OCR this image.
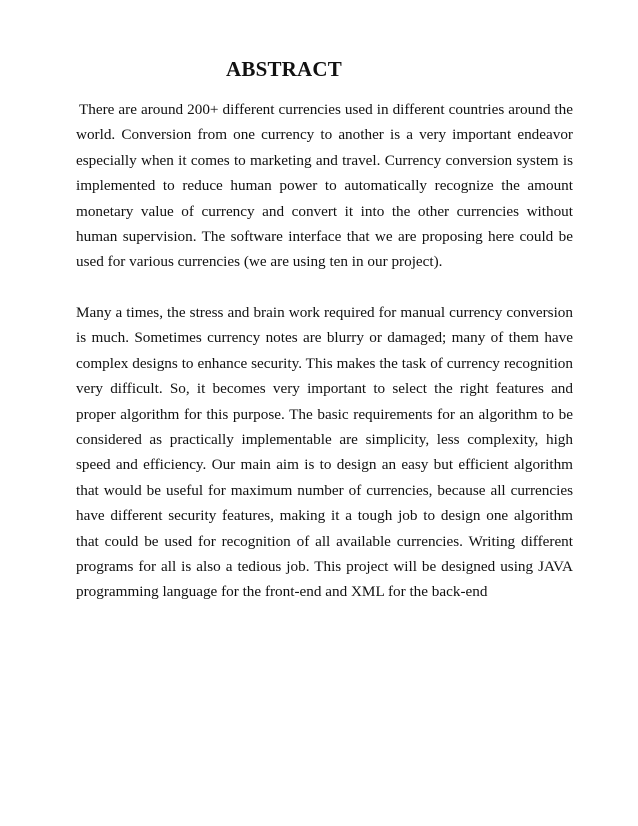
ABSTRACT

There are around 200+ different currencies used in different countries around the world. Conversion from one currency to another is a very important endeavor especially when it comes to marketing and travel. Currency conversion system is implemented to reduce human power to automatically recognize the amount monetary value of currency and convert it into the other currencies without human supervision. The software interface that we are proposing here could be used for various currencies (we are using ten in our project).

Many a times, the stress and brain work required for manual currency conversion is much. Sometimes currency notes are blurry or damaged; many of them have complex designs to enhance security. This makes the task of currency recognition very difficult. So, it becomes very important to select the right features and proper algorithm for this purpose. The basic requirements for an algorithm to be considered as practically implementable are simplicity, less complexity, high speed and efficiency. Our main aim is to design an easy but efficient algorithm that would be useful for maximum number of currencies, because all currencies have different security features, making it a tough job to design one algorithm that could be used for recognition of all available currencies. Writing different programs for all is also a tedious job. This project will be designed using JAVA programming language for the front-end and XML for the back-end
